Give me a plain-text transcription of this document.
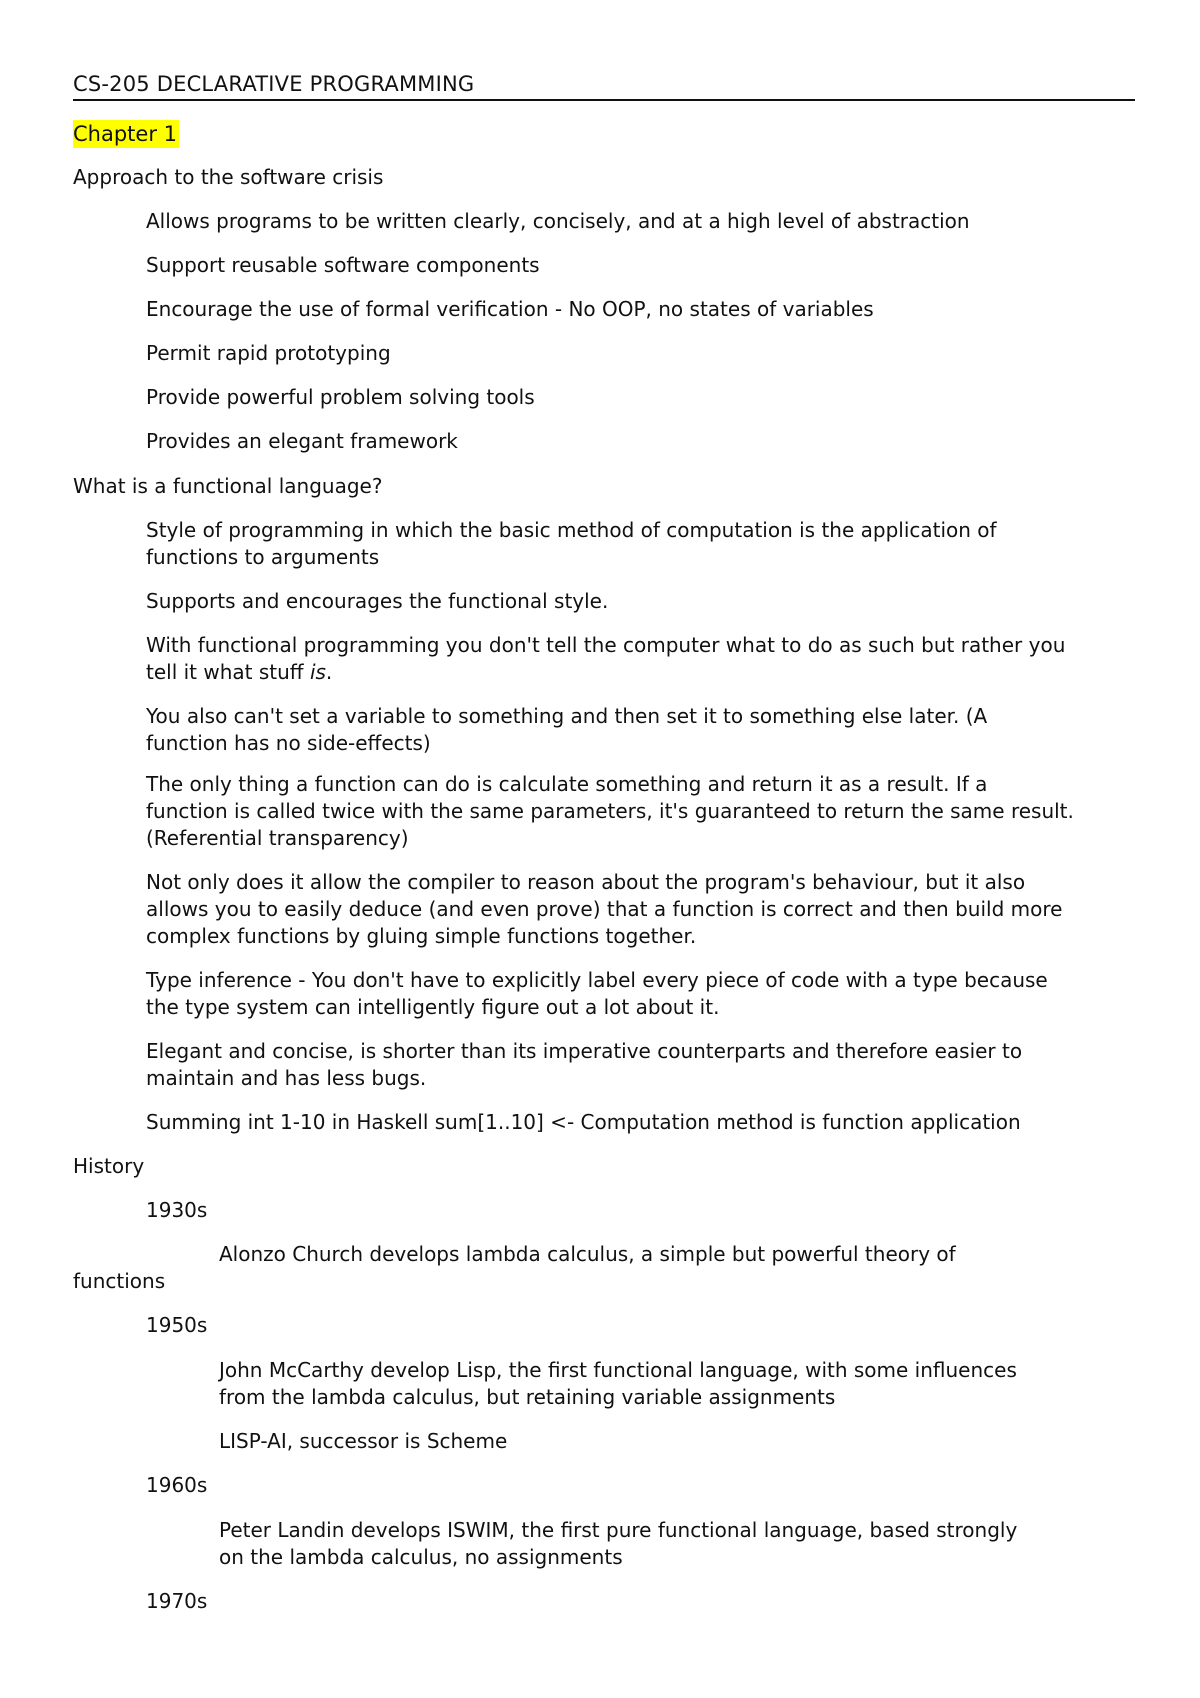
CS-205 DECLARATIVE PROGRAMMING
Chapter 1
Approach to the software crisis
Allows programs to be written clearly, concisely, and at a high level of abstraction
Support reusable software components
Encourage the use of formal verification - No OOP, no states of variables
Permit rapid prototyping
Provide powerful problem solving tools
Provides an elegant framework
What is a functional language?
Style of programming in which the basic method of computation is the application of
functions to arguments
Supports and encourages the functional style.
With functional programming you don't tell the computer what to do as such but rather you
tell it what stuff is.
You also can't set a variable to something and then set it to something else later. (A
function has no side-effects)
The only thing a function can do is calculate something and return it as a result. If a
function is called twice with the same parameters, it's guaranteed to return the same result.
(Referential transparency)
Not only does it allow the compiler to reason about the program's behaviour, but it also
allows you to easily deduce (and even prove) that a function is correct and then build more
complex functions by gluing simple functions together.
Type inference - You don't have to explicitly label every piece of code with a type because
the type system can intelligently figure out a lot about it.
Elegant and concise, is shorter than its imperative counterparts and therefore easier to
maintain and has less bugs.
Summing int 1-10 in Haskell sum[1..10] <- Computation method is function application
History
1930s
Alonzo Church develops lambda calculus, a simple but powerful theory of
functions
1950s
John McCarthy develop Lisp, the first functional language, with some influences
from the lambda calculus, but retaining variable assignments
LISP-AI, successor is Scheme
1960s
Peter Landin develops ISWIM, the first pure functional language, based strongly
on the lambda calculus, no assignments
1970s
